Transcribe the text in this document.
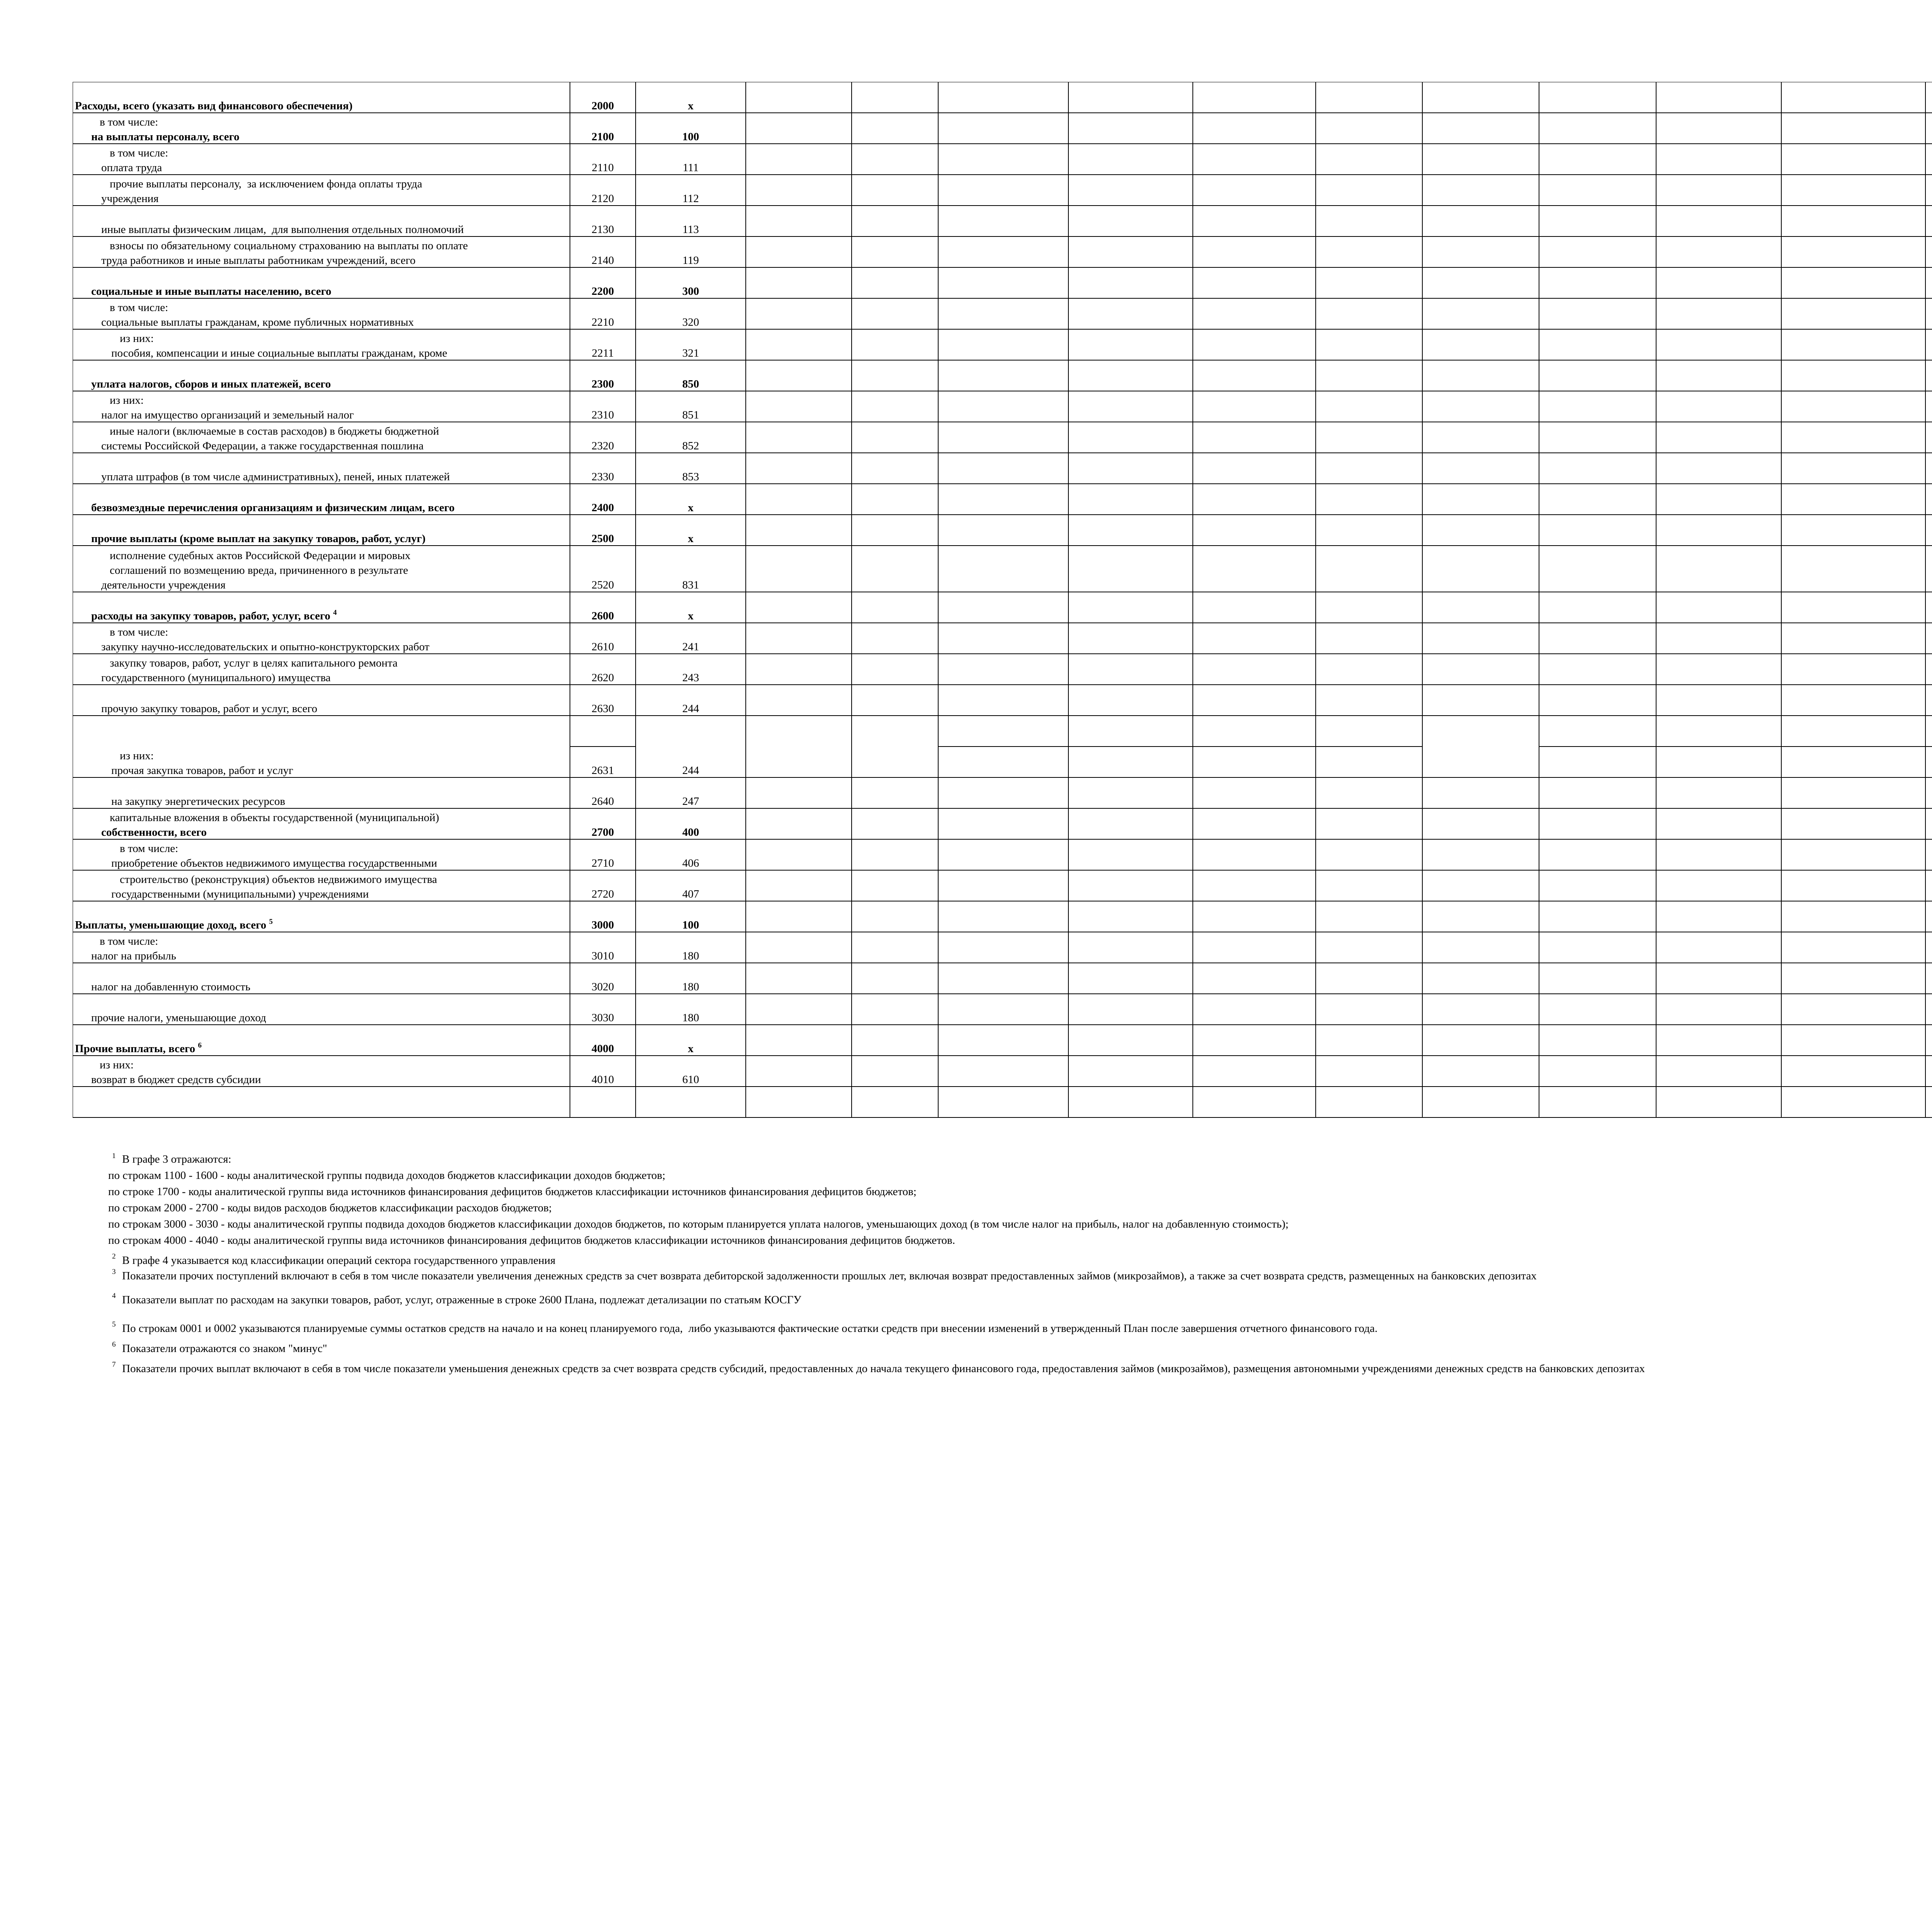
Расходы, всего (указать вид финансового обеспечения)	2000	х
в том числе:
на выплаты персоналу, всего	2100	100
в том числе:
оплата труда	2110	111
прочие выплаты персоналу,  за исключением фонда оплаты труда
учреждения	2120	112
иные выплаты физическим лицам,  для выполнения отдельных полномочий	2130	113
взносы по обязательному социальному страхованию на выплаты по оплате
труда работников и иные выплаты работникам учреждений, всего	2140	119
социальные и иные выплаты населению, всего	2200	300
в том числе:
социальные выплаты гражданам, кроме публичных нормативных	2210	320
из них:
пособия, компенсации и иные социальные выплаты гражданам, кроме	2211	321
уплата налогов, сборов и иных платежей, всего	2300	850
из них:
налог на имущество организаций и земельный налог	2310	851
иные налоги (включаемые в состав расходов) в бюджеты бюджетной
системы Российской Федерации, а также государственная пошлина	2320	852
уплата штрафов (в том числе административных), пеней, иных платежей	2330	853
безвозмездные перечисления организациям и физическим лицам, всего	2400	х
прочие выплаты (кроме выплат на закупку товаров, работ, услуг)	2500	х
исполнение судебных актов Российской Федерации и мировых
соглашений по возмещению вреда, причиненного в результате
деятельности учреждения	2520	831
расходы на закупку товаров, работ, услуг, всего $^4$	2600	х
в том числе:
закупку научно-исследовательских и опытно-конструкторских работ	2610	241
закупку товаров, работ, услуг в целях капитального ремонта
государственного (муниципального) имущества	2620	243
прочую закупку товаров, работ и услуг, всего	2630	244
из них:
прочая закупка товаров, работ и услуг	2631	244
на закупку энергетических ресурсов	2640	247
капитальные вложения в объекты государственной (муниципальной)
собственности, всего	2700	400
в том числе:
приобретение объектов недвижимого имущества государственными	2710	406
строительство (реконструкция) объектов недвижимого имущества
государственными (муниципальными) учреждениями	2720	407
Выплаты, уменьшающие доход, всего $^5$	3000	100
в том числе:
налог на прибыль	3010	180
налог на добавленную стоимость	3020	180
прочие налоги, уменьшающие доход	3030	180
Прочие выплаты, всего $^6$	4000	х
из них:
возврат в бюджет средств субсидии	4010	610
$^1$ В графе 3 отражаются:
по строкам 1100 - 1600 - коды аналитической группы подвида доходов бюджетов классификации доходов бюджетов;
по строке 1700 - коды аналитической группы вида источников финансирования дефицитов бюджетов классификации источников финансирования дефицитов бюджетов;
по строкам 2000 - 2700 - коды видов расходов бюджетов классификации расходов бюджетов;
по строкам 3000 - 3030 - коды аналитической группы подвида доходов бюджетов классификации доходов бюджетов, по которым планируется уплата налогов, уменьшающих доход (в том числе налог на прибыль, налог на добавленную стоимость);
по строкам 4000 - 4040 - коды аналитической группы вида источников финансирования дефицитов бюджетов классификации источников финансирования дефицитов бюджетов.
$^2$ В графе 4 указывается код классификации операций сектора государственного управления
$^3$ Показатели прочих поступлений включают в себя в том числе показатели увеличения денежных средств за счет возврата дебиторской задолженности прошлых лет, включая возврат предоставленных займов (микрозаймов), а также за счет возврата средств, размещенных на банковских депозитах
$^4$ Показатели выплат по расходам на закупки товаров, работ, услуг, отраженные в строке 2600 Плана, подлежат детализации по статьям КОСГУ
$^5$ По строкам 0001 и 0002 указываются планируемые суммы остатков средств на начало и на конец планируемого года,  либо указываются фактические остатки средств при внесении изменений в утвержденный План после завершения отчетного финансового года.
$^6$ Показатели отражаются со знаком "минус"
$^7$ Показатели прочих выплат включают в себя в том числе показатели уменьшения денежных средств за счет возврата средств субсидий, предоставленных до начала текущего финансового года, предоставления займов (микрозаймов), размещения автономными учреждениями денежных средств на банковских депозитах
